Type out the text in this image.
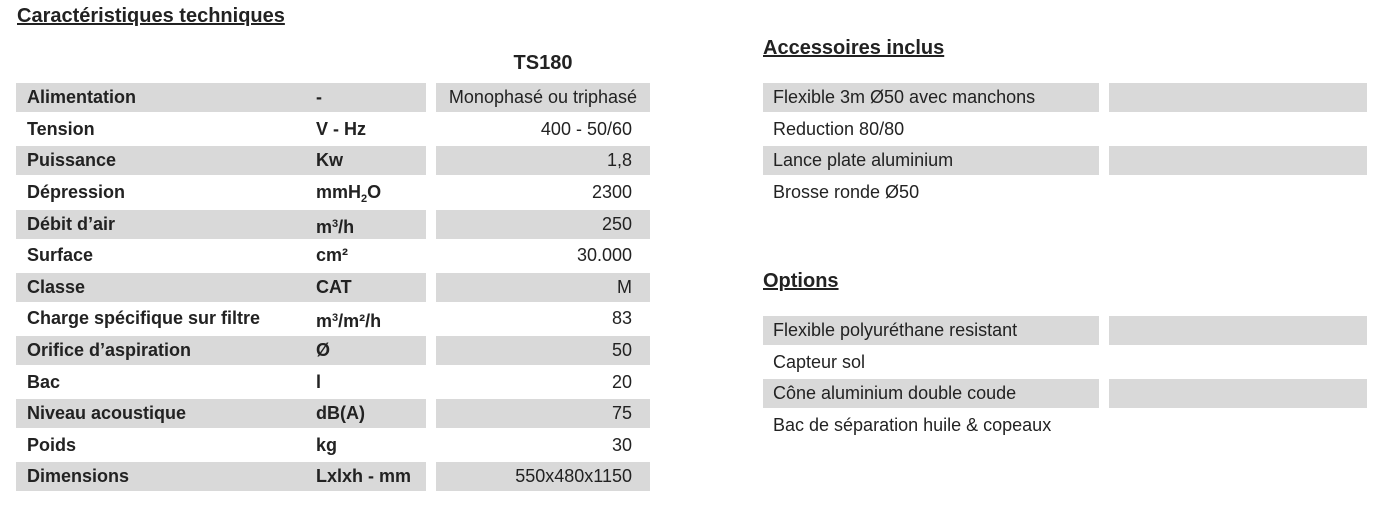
Caractéristiques techniques
TS180
Alimentation	-	Monophasé ou triphasé
Tension	V - Hz	400 - 50/60
Puissance	Kw	1,8
Dépression	mmH$_2$O	2300
Débit d’air	$m^3/h$	250
Surface	cm²	30.000
Classe	CAT	M
Charge spécifique sur filtre	$m^3/m^2/h$	83
Orifice d’aspiration	Ø	50
Bac	l	20
Niveau acoustique	dB(A)	75
Poids	kg	30
Dimensions	Lxlxh - mm	550x480x1150
Accessoires inclus
Flexible 3m Ø50 avec manchons
Reduction 80/80
Lance plate aluminium
Brosse ronde Ø50
Options
Flexible polyuréthane resistant
Capteur sol
Cône aluminium double coude
Bac de séparation huile & copeaux
